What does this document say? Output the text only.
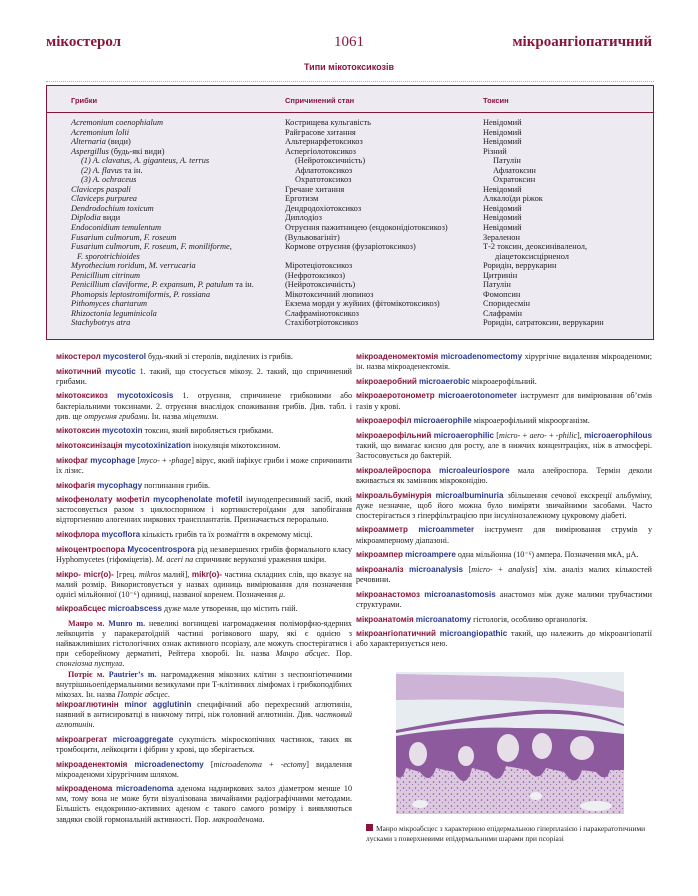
мікостерол	1061	мікроангіопатичний
Типи мікотоксикозів
Грибки	Спричинений стан	Токсин
Acremonium coenophialum	Кострищева кульгавість	Невідомий
Acremonium lolii	Райграсове хитання	Невідомий
Alternaria (види)	Альтернарфетоксикоз	Невідомий
Aspergillus (будь-які види)	Аспергіолотоксикоз	Різний
(1) A. clavatus, A. giganteus, A. terrus	(Нейротоксичність)	Патулін
(2) A. flavus та ін.	Афлатотоксикоз	Афлатоксин
(3) A. ochraceus	Охратотоксикоз	Охратоксин
Claviceps paspali	Гречане хитання	Невідомий
Claviceps purpurea	Ерготизм	Алкалоїди ріжок
Dendrodochium toxicum	Дендродохіотоксикоз	Невідомий
Diplodia види	Диплодіоз	Невідомий
Endoconidium temulentum	Отруєння пажитницею (ендоконідіотоксикоз)	Невідомий
Fusarium culmorum, F. roseum	(Вульвовагініт)	Зераленон
Fusarium culmorum, F. roseum, F. moniliforme,	Кормове отруєння (фузаріотоксикоз)	Т-2 токсин, деоксиніваленол,
F. sporotrichioides	діацетоксисцірненол
Myrothecium roridum, M. verrucaria	Міротеціотоксикоз	Роридін, веррукарин
Penicillium citrinum	(Нефротоксикоз)	Цитринін
Penicillium claviforme, P. expansum, P. patulum та ін.	(Нейротоксичність)	Патулін
Phomopsis leptostromiformis, P. rossiana	Мікотоксичний люпиноз	Фомопсин
Pithomyces chartarum	Екзема морди у жуйних (фітомікотоксикоз)	Споридесмін
Rhizoctonia leguminicola	Слафрамінотоксикоз	Слафрамін
Stachybotrys atra	Стахіботріотоксикоз	Роридін, сатратоксин, веррукарин

мікостерол mycosterol будь-який зі стеролів, виділених із грибів.

мікотичний mycotic 1. такий, що стосується мікозу. 2. такий, що спричинений грибами.

мікотоксикоз mycotoxicosis 1. отруєння, спричинене грибковими або бактеріальними токсинами. 2. отруєння внаслідок споживання грибів. Див. табл. і див. ще отруєння грибами. Ін. назва міцетизм.

мікотоксин mycotoxin токсин, який виробляється грибками.

мікотоксинізація mycotoxinization інокуляція мікотоксином.

мікофаг mycophage [myco- + -phage] вірус, який інфікує гриби і може спричинити їх лізис.

мікофагія mycophagy поглинання грибів.

мікофенолату мофетіл mycophenolate mofetil імунодепресивний засіб, який застосовується разом з циклоспорином і кортикостероїдами для запобігання відторгненню алогенних ниркових трансплантатів. Призначається перорально.

мікофлора mycoflora кількість грибів та їх розмаїття в окремому місці.

мікоцентроспора Mycocentrospora рід незавершених грибів формального класу Hyphomycetes (гіфоміцетів). M. aceri па спричиняє верукозні ураження шкіри.

мікро- micr(o)- [грец. mikros малий], mikr(o)- частина складних слів, що вказує на малий розмір. Використовується у назвах одиниць вимірювання для позначення однієї мільйонної (10⁻⁶) одиниці, названої коренем. Позначення μ.

мікроабсцес microabscess дуже мале утворення, що містить гній.

Манро м. Munro m. невеликі вогнищеві нагромадження поліморфно-ядерних лейкоцитів у паракератоїдній частині рогівкового шару, які є однією з найважливіших гістологічних ознак активного псоріазу, але можуть спостерігатися і при себорейному дерматиті, Рейтера хворобі. Ін. назва Манро абсцес. Пор. спонгіозна пустула.

Потріє м. Pautrier’s m. нагромадження мікозних клітин з неспонгіотичними внутрішньоепідермальними везикулами при Т-клітинних лімфомах і грибкоподібних мікозах. Ін. назва Потріє абсцес.

мікроаглютинін minor agglutinin специфічний або перехресний аглютинін, наявний в антисироватці в нижчому титрі, ніж головний аглютинін. Див. частковий аглютинін.

мікроагрегат microaggregate сукупність мікроскопічних частинок, таких як тромбоцити, лейкоцити і фібрин у крові, що зберігається.

мікроаденектомія microadenectomy [microadenoma + -ectomy] видалення мікроаденоми хірургічним шляхом.

мікроаденома microadenoma аденома надниркових залоз діаметром менше 10 мм, тому вона не може бути візуалізована звичайними радіографічними методами. Більшість ендокринно-активних аденом є такого самого розміру і виявляються завдяки своїй гормональній активності. Пор. макроаденома.

мікроаденомектомія microadenomectomy хірургічне видалення мікроаденоми; ін. назва мікроаденектомія.

мікроаеробний microaerobic мікроаерофільний.

мікроаеротонометр microaerotonometer інструмент для вимірювання об’ємів газів у крові.

мікроаерофіл microaerophile мікроаерофільний мікроорганізм.

мікроаерофільний microaerophilic [micro- + aero- + -philic], microaerophilous такий, що вимагає кисню для росту, але в нижчих концентраціях, ніж в атмосфері. Застосовується до бактерій.

мікроалейроспора microaleuriospore мала алейроспора. Термін деколи вживається як замінник мікроконідію.

мікроальбумінурія microalbuminuria збільшення сечової екскреції альбуміну, дуже незначне, щоб його можна було виміряти звичайними засобами. Часто спостерігається з гіперфільтрацією при інсулінозалежному цукровому діабеті.

мікроамметр microammeter інструмент для вимірювання струмів у мікроамперному діапазоні.

мікроампер microampere одна мільйонна (10⁻⁶) ампера. Позначення мкА, μА.

мікроаналіз microanalysis [micro- + analysis] хім. аналіз малих кількостей речовини.

мікроанастомоз microanastomosis анастомоз між дуже малими трубчастими структурами.

мікроанатомія microanatomy гістологія, особливо органологія.

мікроангіопатичний microangiopathic такий, що належить до мікроангіопатії або характеризується нею.

Манро мікроабсцес з характерною епідермальною гіперплазією і паракератотичними лусками з поверхневими епідермальними шарами при псоріазі
